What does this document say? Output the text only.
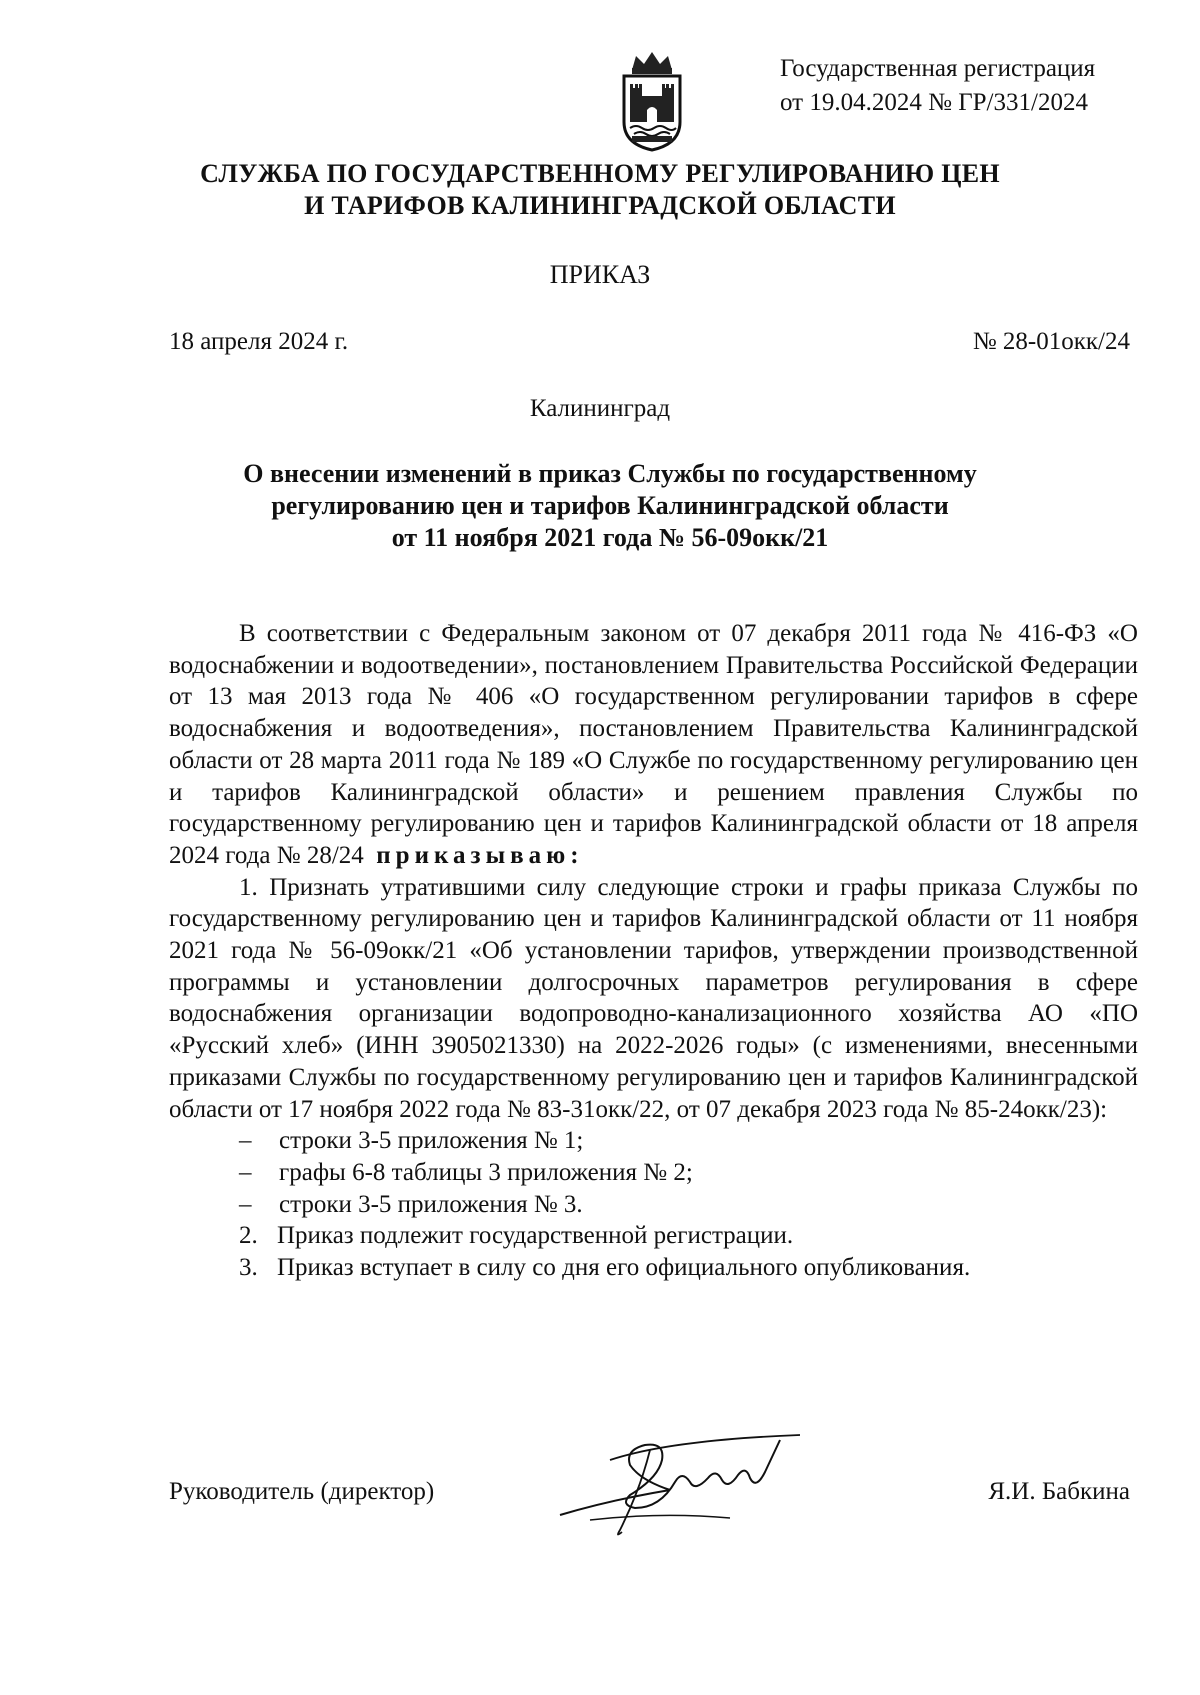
Государственная регистрация
от 19.04.2024 № ГР/331/2024
СЛУЖБА ПО ГОСУДАРСТВЕННОМУ РЕГУЛИРОВАНИЮ ЦЕН
И ТАРИФОВ КАЛИНИНГРАДСКОЙ ОБЛАСТИ
ПРИКАЗ
18 апреля 2024 г.	№ 28-01окк/24
Калининград
О внесении изменений в приказ Службы по государственному
регулированию цен и тарифов Калининградской области
от 11 ноября 2021 года № 56-09окк/21

В соответствии с Федеральным законом от 07 декабря 2011 года № 416-ФЗ «О водоснабжении и водоотведении», постановлением Правительства Российской Федерации от 13 мая 2013 года № 406 «О государственном регулировании тарифов в сфере водоснабжения и водоотведения», постановлением Правительства Калининградской области от 28 марта 2011 года № 189 «О Службе по государственному регулированию цен и тарифов Калининградской области» и решением правления Службы по государственному регулированию цен и тарифов Калининградской области от 18 апреля 2024 года № 28/24 приказываю:

1. Признать утратившими силу следующие строки и графы приказа Службы по государственному регулированию цен и тарифов Калининградской области от 11 ноября 2021 года № 56-09окк/21 «Об установлении тарифов, утверждении производственной программы и установлении долгосрочных параметров регулирования в сфере водоснабжения организации водопроводно-канализационного хозяйства АО «ПО «Русский хлеб» (ИНН 3905021330) на 2022-2026 годы» (с изменениями, внесенными приказами Службы по государственному регулированию цен и тарифов Калининградской области от 17 ноября 2022 года № 83-31окк/22, от 07 декабря 2023 года № 85-24окк/23):

– строки 3-5 приложения № 1;

– графы 6-8 таблицы 3 приложения № 2;

– строки 3-5 приложения № 3.

2. Приказ подлежит государственной регистрации.

3. Приказ вступает в силу со дня его официального опубликования.

Руководитель (директор)	Я.И. Бабкина
